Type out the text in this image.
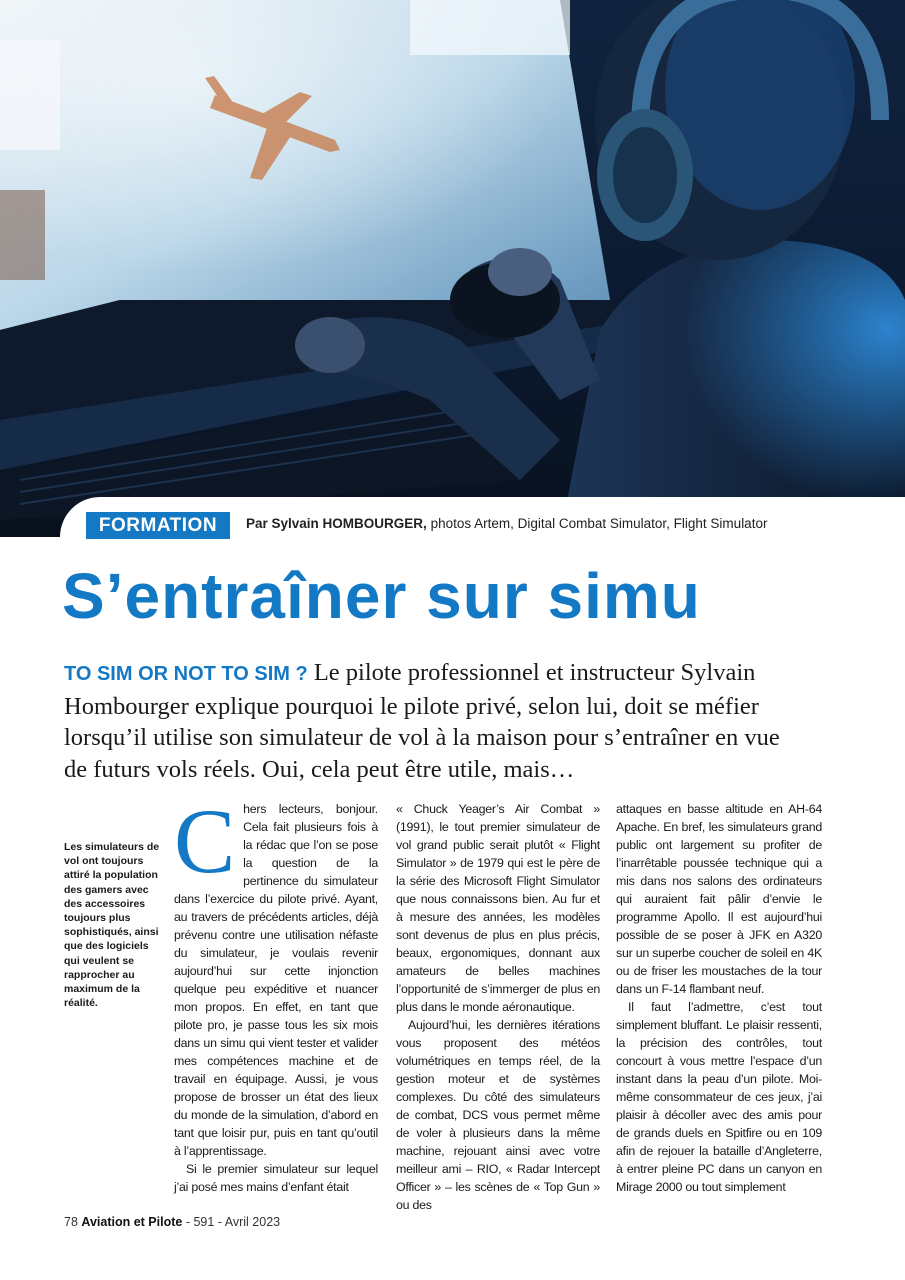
FORMATION	Par Sylvain HOMBOURGER, photos Artem, Digital Combat Simulator, Flight Simulator
S’entraîner sur simu
TO SIM OR NOT TO SIM ? Le pilote professionnel et instructeur Sylvain Hombourger explique pourquoi le pilote privé, selon lui, doit se méfier lorsqu’il utilise son simulateur de vol à la maison pour s’entraîner en vue de futurs vols réels. Oui, cela peut être utile, mais…
Les simulateurs de vol ont toujours attiré la population des gamers avec des accessoires toujours plus sophistiqués, ainsi que des logiciels qui veulent se rapprocher au maximum de la réalité.
C hers lecteurs, bonjour. Cela fait plusieurs fois à la rédac que l’on se pose la question de la pertinence du simulateur dans l’exercice du pilote privé. Ayant, au travers de précédents articles, déjà prévenu contre une utilisation néfaste du simulateur, je voulais revenir aujourd’hui sur cette injonction quelque peu expéditive et nuancer mon propos. En effet, en tant que pilote pro, je passe tous les six mois dans un simu qui vient tester et valider mes compétences machine et de travail en équipage. Aussi, je vous propose de brosser un état des lieux du monde de la simulation, d’abord en tant que loisir pur, puis en tant qu’outil à l’apprentissage.

Si le premier simulateur sur lequel j’ai posé mes mains d’enfant était

« Chuck Yeager’s Air Combat » (1991), le tout premier simulateur de vol grand public serait plutôt « Flight Simulator » de 1979 qui est le père de la série des Microsoft Flight Simulator que nous connaissons bien. Au fur et à mesure des années, les modèles sont devenus de plus en plus précis, beaux, ergonomiques, donnant aux amateurs de belles machines l’opportunité de s’immerger de plus en plus dans le monde aéronautique.

Aujourd’hui, les dernières itérations vous proposent des météos volumétriques en temps réel, de la gestion moteur et de systèmes complexes. Du côté des simulateurs de combat, DCS vous permet même de voler à plusieurs dans la même machine, rejouant ainsi avec votre meilleur ami – RIO, « Radar Intercept Officer » – les scènes de « Top Gun » ou des

attaques en basse altitude en AH-64 Apache. En bref, les simulateurs grand public ont largement su profiter de l’inarrêtable poussée technique qui a mis dans nos salons des ordinateurs qui auraient fait pâlir d’envie le programme Apollo. Il est aujourd’hui possible de se poser à JFK en A320 sur un superbe coucher de soleil en 4K ou de friser les moustaches de la tour dans un F-14 flambant neuf.

Il faut l’admettre, c’est tout simplement bluffant. Le plaisir ressenti, la précision des contrôles, tout concourt à vous mettre l’espace d’un instant dans la peau d’un pilote. Moi-même consommateur de ces jeux, j’ai plaisir à décoller avec des amis pour de grands duels en Spitfire ou en 109 afin de rejouer la bataille d’Angleterre, à entrer pleine PC dans un canyon en Mirage 2000 ou tout simplement

78 Aviation et Pilote - 591 - Avril 2023
